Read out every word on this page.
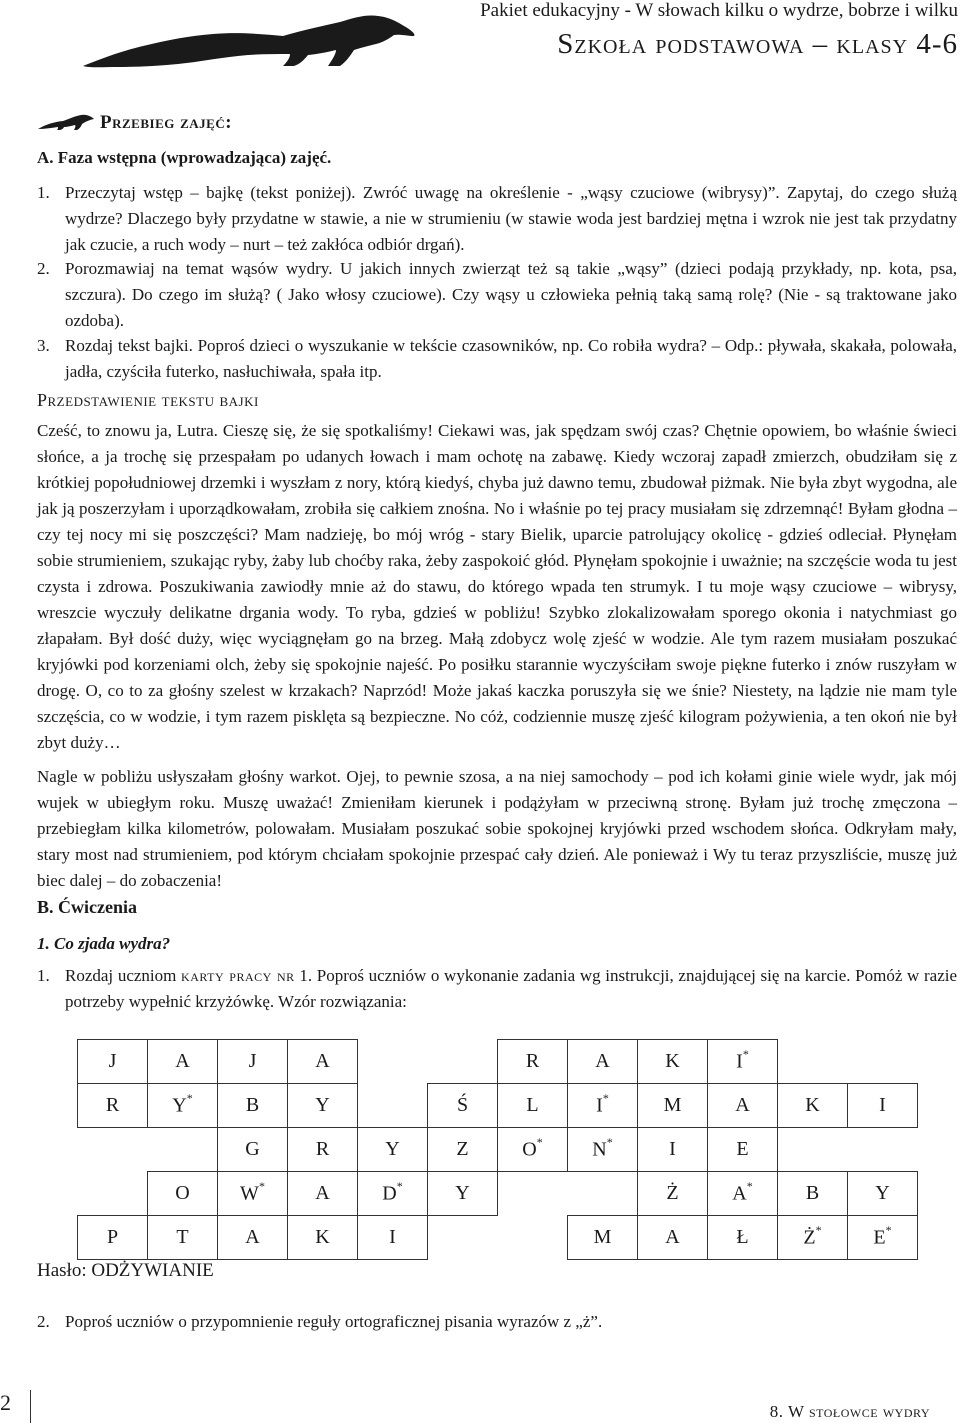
Pakiet edukacyjny - W słowach kilku o wydrze, bobrze i wilku
Szkoła podstawowa – klasy 4-6
Przebieg zajęć:
A. Faza wstępna (wprowadzająca) zajęć.
1. Przeczytaj wstęp – bajkę (tekst poniżej). Zwróć uwagę na określenie - „wąsy czuciowe (wibrysy)”. Zapytaj, do czego służą wydrze? Dlaczego były przydatne w stawie, a nie w strumieniu (w stawie woda jest bardziej mętna i wzrok nie jest tak przydatny jak czucie, a ruch wody – nurt – też zakłóca odbiór drgań).
2. Porozmawiaj na temat wąsów wydry. U jakich innych zwierząt też są takie „wąsy” (dzieci podają przykłady, np. kota, psa, szczura). Do czego im służą? ( Jako włosy czuciowe). Czy wąsy u człowieka pełnią taką samą rolę? (Nie - są traktowane jako ozdoba).
3. Rozdaj tekst bajki. Poproś dzieci o wyszukanie w tekście czasowników, np. Co robiła wydra? – Odp.: pływała, skakała, polowała, jadła, czyściła futerko, nasłuchiwała, spała itp.
Przedstawienie tekstu bajki
Cześć, to znowu ja, Lutra. Cieszę się, że się spotkaliśmy! Ciekawi was, jak spędzam swój czas? Chętnie opowiem, bo właśnie świeci słońce, a ja trochę się przespałam po udanych łowach i mam ochotę na zabawę. Kiedy wczoraj zapadł zmierzch, obudziłam się z krótkiej popołudniowej drzemki i wyszłam z nory, którą kiedyś, chyba już dawno temu, zbudował piżmak. Nie była zbyt wygodna, ale jak ją poszerzyłam i uporządkowałam, zrobiła się całkiem znośna. No i właśnie po tej pracy musiałam się zdrzemnąć! Byłam głodna – czy tej nocy mi się poszczęści? Mam nadzieję, bo mój wróg - stary Bielik, uparcie patrolujący okolicę - gdzieś odleciał. Płynęłam sobie strumieniem, szukając ryby, żaby lub choćby raka, żeby zaspokoić głód. Płynęłam spokojnie i uważnie; na szczęście woda tu jest czysta i zdrowa. Poszukiwania zawiodły mnie aż do stawu, do którego wpada ten strumyk. I tu moje wąsy czuciowe – wibrysy, wreszcie wyczuły delikatne drgania wody. To ryba, gdzieś w pobliżu! Szybko zlokalizowałam sporego okonia i natychmiast go złapałam. Był dość duży, więc wyciągnęłam go na brzeg. Małą zdobycz wolę zjeść w wodzie. Ale tym razem musiałam poszukać kryjówki pod korzeniami olch, żeby się spokojnie najeść. Po posiłku starannie wyczyściłam swoje piękne futerko i znów ruszyłam w drogę. O, co to za głośny szelest w krzakach? Naprzód! Może jakaś kaczka poruszyła się we śnie? Niestety, na lądzie nie mam tyle szczęścia, co w wodzie, i tym razem pisklęta są bezpieczne. No cóż, codziennie muszę zjeść kilogram pożywienia, a ten okoń nie był zbyt duży…
Nagle w pobliżu usłyszałam głośny warkot. Ojej, to pewnie szosa, a na niej samochody – pod ich kołami ginie wiele wydr, jak mój wujek w ubiegłym roku. Muszę uważać! Zmieniłam kierunek i podążyłam w przeciwną stronę. Byłam już trochę zmęczona – przebiegłam kilka kilometrów, polowałam. Musiałam poszukać sobie spokojnej kryjówki przed wschodem słońca. Odkryłam mały, stary most nad strumieniem, pod którym chciałam spokojnie przespać cały dzień. Ale ponieważ i Wy tu teraz przyszliście, muszę już biec dalej – do zobaczenia!
B. Ćwiczenia
1. Co zjada wydra?
1. Rozdaj uczniom karty pracy nr 1. Poproś uczniów o wykonanie zadania wg instrukcji, znajdującej się na karcie. Pomóż w razie potrzeby wypełnić krzyżówkę. Wzór rozwiązania:
J	A	J	A			R	A	K	I*		
R	Y*	B	Y		Ś	L	I*	M	A	K	I
		G	R	Y	Z	O*	N*	I	E		
	O	W*	A	D*	Y			Ż	A*	B	Y
P	T	A	K	I			M	A	Ł	Ż*	E*
Hasło: ODŻYWIANIE
2. Poproś uczniów o przypomnienie reguły ortograficznej pisania wyrazów z „ż”.
2	8. W stołowce wydry
